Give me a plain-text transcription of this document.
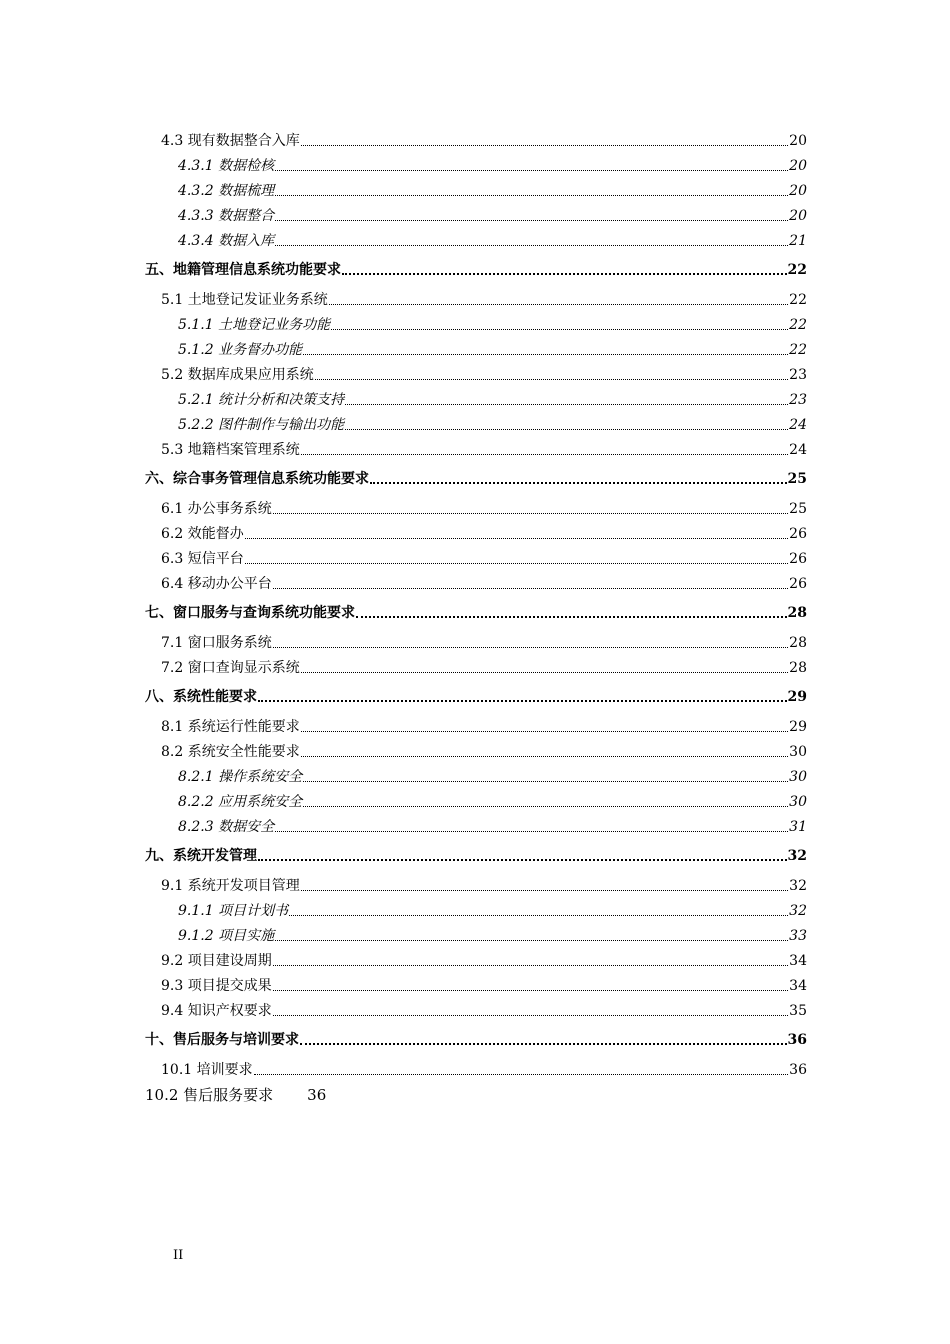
4.3 现有数据整合入库	20
4.3.1 数据检核	20
4.3.2 数据梳理	20
4.3.3 数据整合	20
4.3.4 数据入库	21
五、地籍管理信息系统功能要求	22
5.1 土地登记发证业务系统	22
5.1.1 土地登记业务功能	22
5.1.2 业务督办功能	22
5.2 数据库成果应用系统	23
5.2.1 统计分析和决策支持	23
5.2.2 图件制作与输出功能	24
5.3 地籍档案管理系统	24
六、综合事务管理信息系统功能要求	25
6.1 办公事务系统	25
6.2 效能督办	26
6.3 短信平台	26
6.4 移动办公平台	26
七、窗口服务与查询系统功能要求	28
7.1 窗口服务系统	28
7.2 窗口查询显示系统	28
八、系统性能要求	29
8.1 系统运行性能要求	29
8.2 系统安全性能要求	30
8.2.1 操作系统安全	30
8.2.2 应用系统安全	30
8.2.3 数据安全	31
九、系统开发管理	32
9.1 系统开发项目管理	32
9.1.1 项目计划书	32
9.1.2 项目实施	33
9.2 项目建设周期	34
9.3 项目提交成果	34
9.4 知识产权要求	35
十、售后服务与培训要求	36
10.1 培训要求	36
10.2 售后服务要求 36
II
